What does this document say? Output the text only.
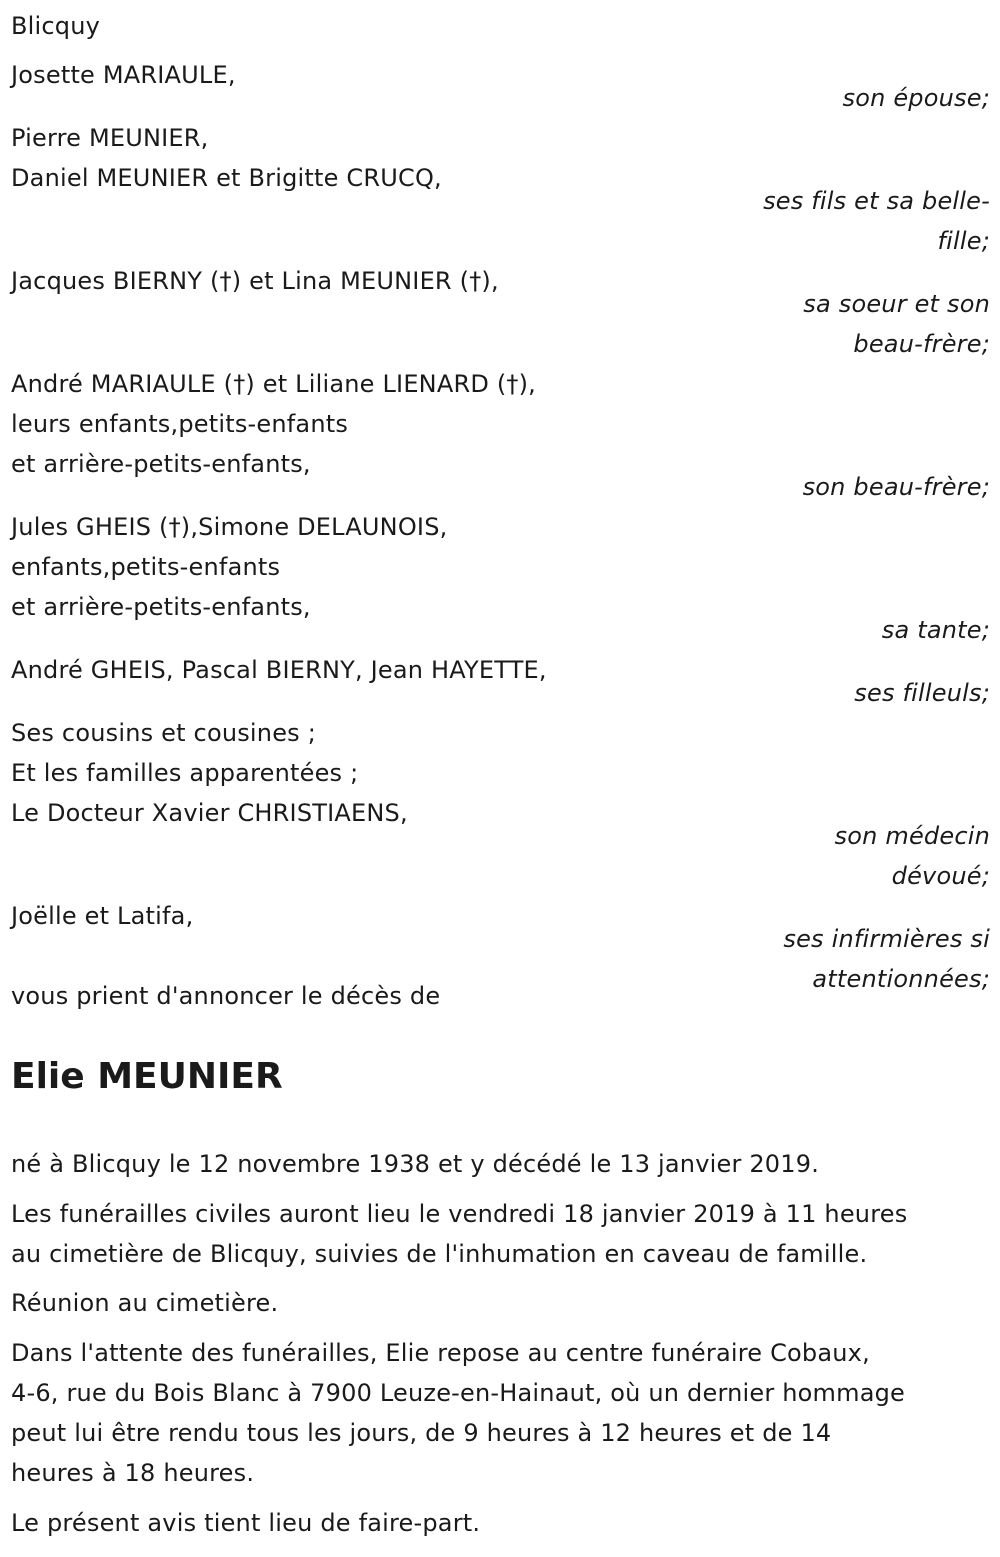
Blicquy
Josette MARIAULE,
son épouse;
Pierre MEUNIER,
Daniel MEUNIER et Brigitte CRUCQ,
ses fils et sa belle-
fille;
Jacques BIERNY (†) et Lina MEUNIER (†),
sa soeur et son
beau-frère;
André MARIAULE (†) et Liliane LIENARD (†),
leurs enfants,petits-enfants
et arrière-petits-enfants,
son beau-frère;
Jules GHEIS (†),Simone DELAUNOIS,
enfants,petits-enfants
et arrière-petits-enfants,
sa tante;
André GHEIS, Pascal BIERNY, Jean HAYETTE,
ses filleuls;
Ses cousins et cousines ;
Et les familles apparentées ;
Le Docteur Xavier CHRISTIAENS,
son médecin
dévoué;
Joëlle et Latifa,
ses infirmières si
attentionnées;
vous prient d'annoncer le décès de
Elie MEUNIER
né à Blicquy le 12 novembre 1938 et y décédé le 13 janvier 2019.
Les funérailles civiles auront lieu le vendredi 18 janvier 2019 à 11 heures
au cimetière de Blicquy, suivies de l'inhumation en caveau de famille.
Réunion au cimetière.
Dans l'attente des funérailles, Elie repose au centre funéraire Cobaux,
4-6, rue du Bois Blanc à 7900 Leuze-en-Hainaut, où un dernier hommage
peut lui être rendu tous les jours, de 9 heures à 12 heures et de 14
heures à 18 heures.
Le présent avis tient lieu de faire-part.
